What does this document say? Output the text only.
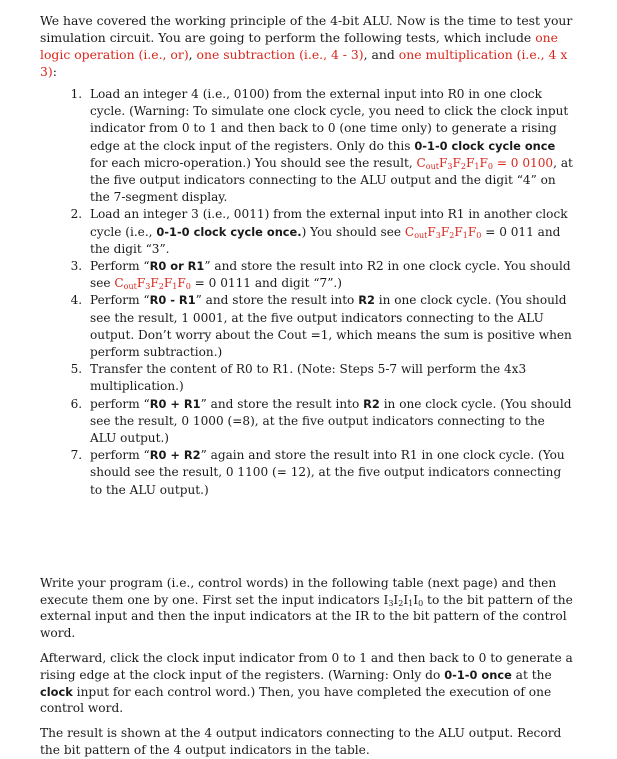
We have covered the working principle of the 4-bit ALU. Now is the time to test your simulation circuit. You are going to perform the following tests, which include one logic operation (i.e., or), one subtraction (i.e., 4 - 3), and one multiplication (i.e., 4 x 3):

1. Load an integer 4 (i.e., 0100) from the external input into R0 in one clock cycle. (Warning: To simulate one clock cycle, you need to click the clock input indicator from 0 to 1 and then back to 0 (one time only) to generate a rising edge at the clock input of the registers. Only do this 0-1-0 clock cycle once for each micro-operation.) You should see the result, $C_{out}F_3F_2F_1F_0 = 0$ 0100, at the five output indicators connecting to the ALU output and the digit “4” on the 7-segment display.
2. Load an integer 3 (i.e., 0011) from the external input into R1 in another clock cycle (i.e., 0-1-0 clock cycle once.) You should see $C_{out}F_3F_2F_1F_0 = 0$ 011 and the digit “3”.
3. Perform “R0 or R1” and store the result into R2 in one clock cycle. You should see $C_{out}F_3F_2F_1F_0 = 0$ 0111 and digit “7”.)
4. Perform “R0 - R1” and store the result into R2 in one clock cycle. (You should see the result, 1 0001, at the five output indicators connecting to the ALU output. Don’t worry about the Cout =1, which means the sum is positive when perform subtraction.)
5. Transfer the content of R0 to R1. (Note: Steps 5-7 will perform the 4x3 multiplication.)
6. perform “R0 + R1” and store the result into R2 in one clock cycle. (You should see the result, 0 1000 (=8), at the five output indicators connecting to the ALU output.)
7. perform “R0 + R2” again and store the result into R1 in one clock cycle. (You should see the result, 0 1100 (= 12), at the five output indicators connecting to the ALU output.)

Write your program (i.e., control words) in the following table (next page) and then execute them one by one. First set the input indicators $I_3I_2I_1I_0$ to the bit pattern of the external input and then the input indicators at the IR to the bit pattern of the control word.

Afterward, click the clock input indicator from 0 to 1 and then back to 0 to generate a rising edge at the clock input of the registers. (Warning: Only do 0-1-0 once at the clock input for each control word.) Then, you have completed the execution of one control word.

The result is shown at the 4 output indicators connecting to the ALU output. Record the bit pattern of the 4 output indicators in the table.
